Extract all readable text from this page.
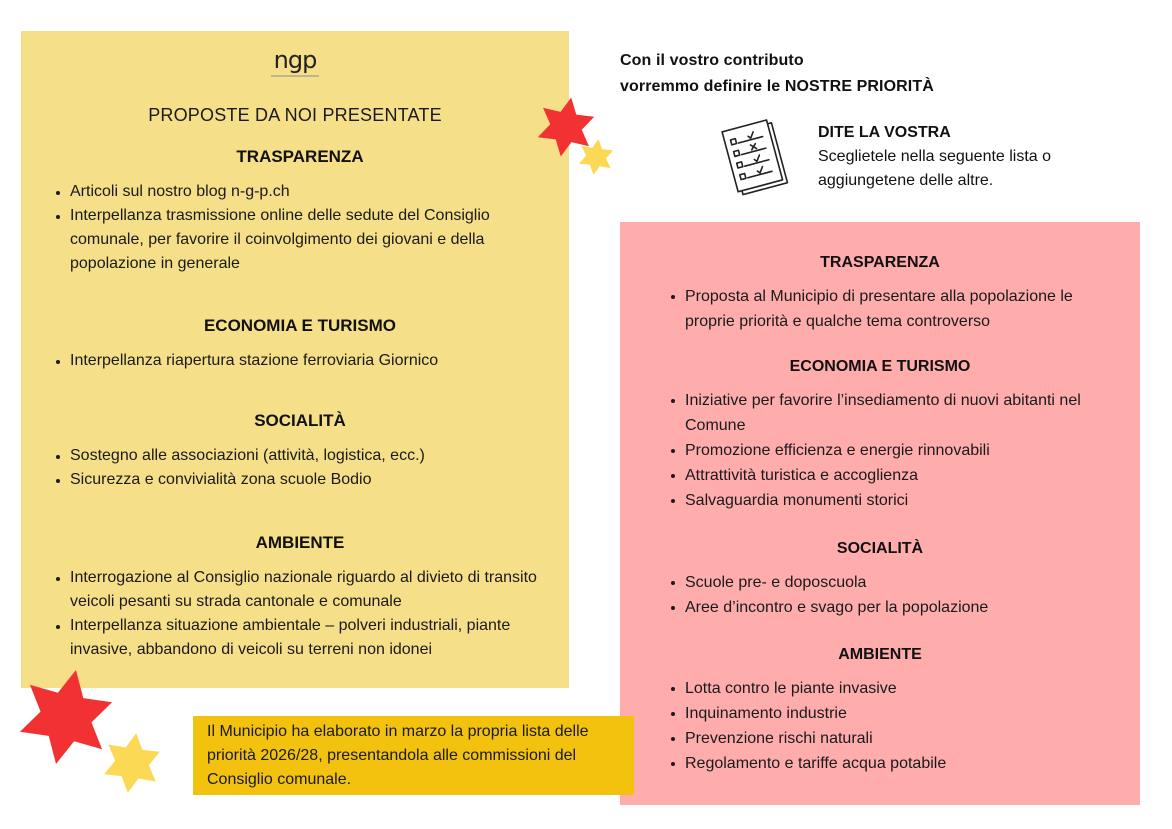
ngp
PROPOSTE DA NOI PRESENTATE
TRASPARENZA
Articoli sul nostro blog n-g-p.ch
Interpellanza trasmissione online delle sedute del Consiglio comunale, per favorire il coinvolgimento dei giovani e della popolazione in generale
ECONOMIA E TURISMO
Interpellanza riapertura stazione ferroviaria Giornico
SOCIALITÀ
Sostegno alle associazioni (attività, logistica, ecc.)
Sicurezza e convivialità zona scuole Bodio
AMBIENTE
Interrogazione al Consiglio nazionale riguardo al divieto di transito veicoli pesanti su strada cantonale e comunale
Interpellanza situazione ambientale – polveri industriali, piante invasive, abbandono di veicoli su terreni non idonei
Con il vostro contributo
vorremmo definire le NOSTRE PRIORITÀ
DITE LA VOSTRA
Sceglietele nella seguente lista o
aggiungetene delle altre.
TRASPARENZA
Proposta al Municipio di presentare alla popolazione le proprie priorità e qualche tema controverso
ECONOMIA E TURISMO
Iniziative per favorire l’insediamento di nuovi abitanti nel Comune
Promozione efficienza e energie rinnovabili
Attrattività turistica e accoglienza
Salvaguardia monumenti storici
SOCIALITÀ
Scuole pre- e doposcuola
Aree d’incontro e svago per la popolazione
AMBIENTE
Lotta contro le piante invasive
Inquinamento industrie
Prevenzione rischi naturali
Regolamento e tariffe acqua potabile
Il Municipio ha elaborato in marzo la propria lista delle priorità 2026/28, presentandola alle commissioni del Consiglio comunale.
